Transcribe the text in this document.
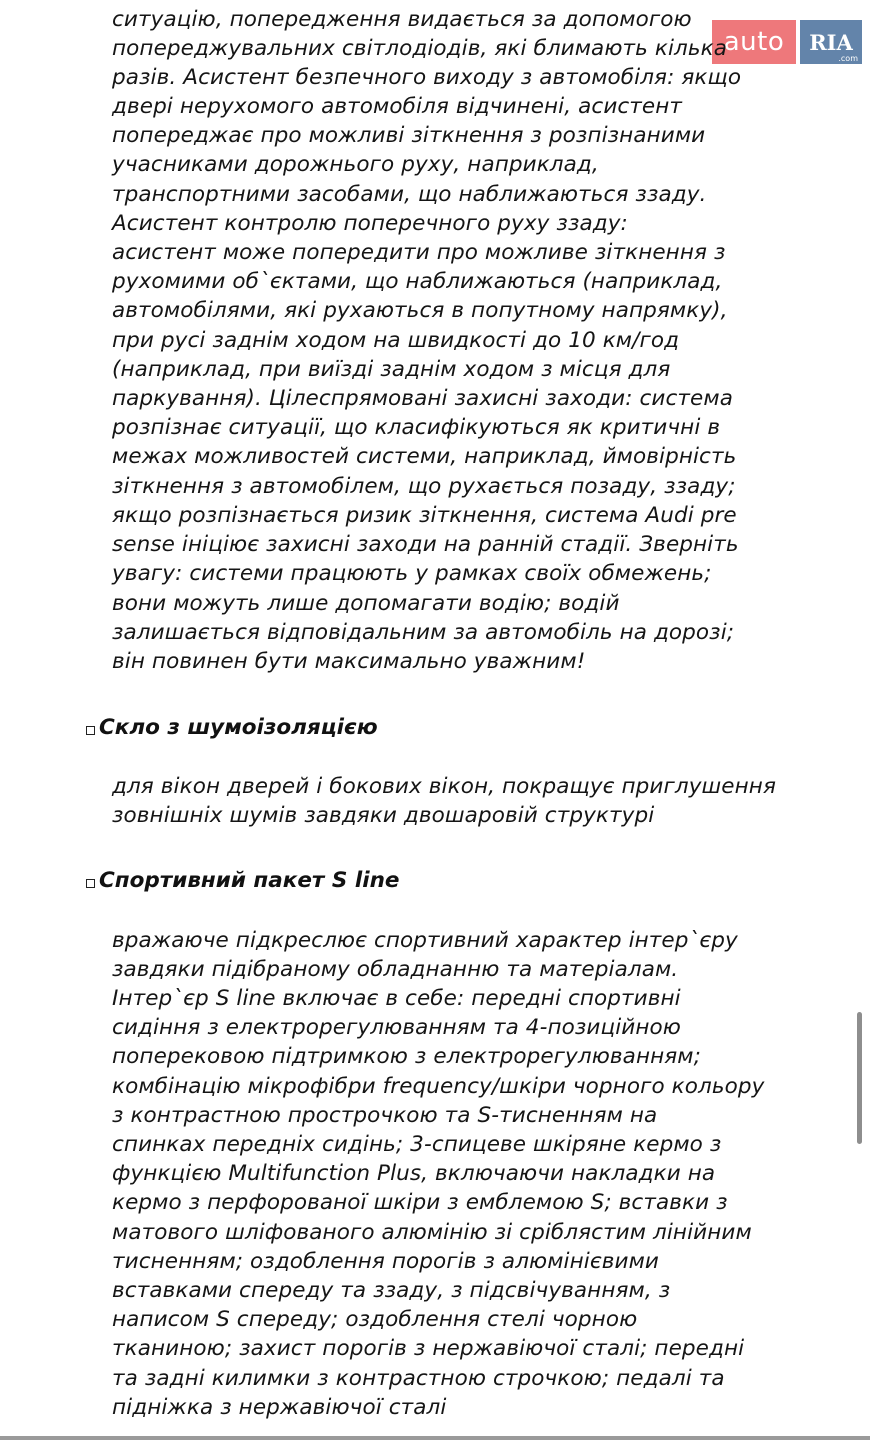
auto RIA
.com
ситуацію, попередження видається за допомогою
попереджувальних світлодіодів, які блимають кілька
разів. Асистент безпечного виходу з автомобіля: якщо
двері нерухомого автомобіля відчинені, асистент
попереджає про можливі зіткнення з розпізнаними
учасниками дорожнього руху, наприклад,
транспортними засобами, що наближаються ззаду.
Асистент контролю поперечного руху ззаду:
асистент може попередити про можливе зіткнення з
рухомими об`єктами, що наближаються (наприклад,
автомобілями, які рухаються в попутному напрямку),
при русі заднім ходом на швидкості до 10 км/год
(наприклад, при виїзді заднім ходом з місця для
паркування). Цілеспрямовані захисні заходи: система
розпізнає ситуації, що класифікуються як критичні в
межах можливостей системи, наприклад, ймовірність
зіткнення з автомобілем, що рухається позаду, ззаду;
якщо розпізнається ризик зіткнення, система Audi pre
sense ініціює захисні заходи на ранній стадії. Зверніть
увагу: системи працюють у рамках своїх обмежень;
вони можуть лише допомагати водію; водій
залишається відповідальним за автомобіль на дорозі;
він повинен бути максимально уважним!
Скло з шумоізоляцією
для вікон дверей і бокових вікон, покращує приглушення
зовнішніх шумів завдяки двошаровій структурі
Спортивний пакет S line
вражаюче підкреслює спортивний характер інтер`єру
завдяки підібраному обладнанню та матеріалам.
Інтер`єр S line включає в себе: передні спортивні
сидіння з електрорегулюванням та 4-позиційною
поперековою підтримкою з електрорегулюванням;
комбінацію мікрофібри frequency/шкіри чорного кольору
з контрастною прострочкою та S-тисненням на
спинках передніх сидінь; 3-спицеве шкіряне кермо з
функцією Multifunction Plus, включаючи накладки на
кермо з перфорованої шкіри з емблемою S; вставки з
матового шліфованого алюмінію зі сріблястим лінійним
тисненням; оздоблення порогів з алюмінієвими
вставками спереду та ззаду, з підсвічуванням, з
написом S спереду; оздоблення стелі чорною
тканиною; захист порогів з нержавіючої сталі; передні
та задні килимки з контрастною строчкою; педалі та
підніжка з нержавіючої сталі
